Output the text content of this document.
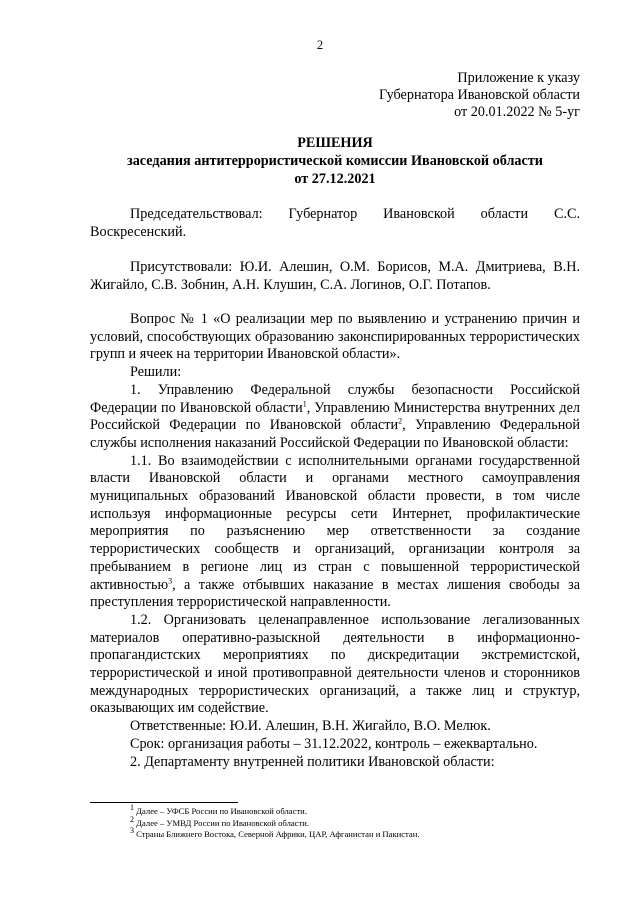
2
Приложение к указу
Губернатора Ивановской области
от 20.01.2022 № 5-уг
РЕШЕНИЯ
заседания антитеррористической комиссии Ивановской области
от 27.12.2021

Председательствовал: Губернатор Ивановской области С.С. Воскресенский.

Присутствовали: Ю.И. Алешин, О.М. Борисов, М.А. Дмитриева, В.Н. Жигайло, С.В. Зобнин, А.Н. Клушин, С.А. Логинов, О.Г. Потапов.

Вопрос № 1 «О реализации мер по выявлению и устранению причин и условий, способствующих образованию законспирированных террористических групп и ячеек на территории Ивановской области».

Решили:

1. Управлению Федеральной службы безопасности Российской Федерации по Ивановской области$^1$, Управлению Министерства внутренних дел Российской Федерации по Ивановской области$^2$, Управлению Федеральной службы исполнения наказаний Российской Федерации по Ивановской области:

1.1. Во взаимодействии с исполнительными органами государственной власти Ивановской области и органами местного самоуправления муниципальных образований Ивановской области провести, в том числе используя информационные ресурсы сети Интернет, профилактические мероприятия по разъяснению мер ответственности за создание террористических сообществ и организаций, организации контроля за пребыванием в регионе лиц из стран с повышенной террористической активностью$^3$, а также отбывших наказание в местах лишения свободы за преступления террористической направленности.

1.2. Организовать целенаправленное использование легализованных материалов оперативно-разыскной деятельности в информационно-пропагандистских мероприятиях по дискредитации экстремистской, террористической и иной противоправной деятельности членов и сторонников международных террористических организаций, а также лиц и структур, оказывающих им содействие.

Ответственные: Ю.И. Алешин, В.Н. Жигайло, В.О. Мелюк.

Срок: организация работы – 31.12.2022, контроль – ежеквартально.

2. Департаменту внутренней политики Ивановской области:

$^1$ Далее – УФСБ России по Ивановской области.
$^2$ Далее – УМВД России по Ивановской области.
$^3$ Страны Ближнего Востока, Северной Африки, ЦАР, Афганистан и Пакистан.
